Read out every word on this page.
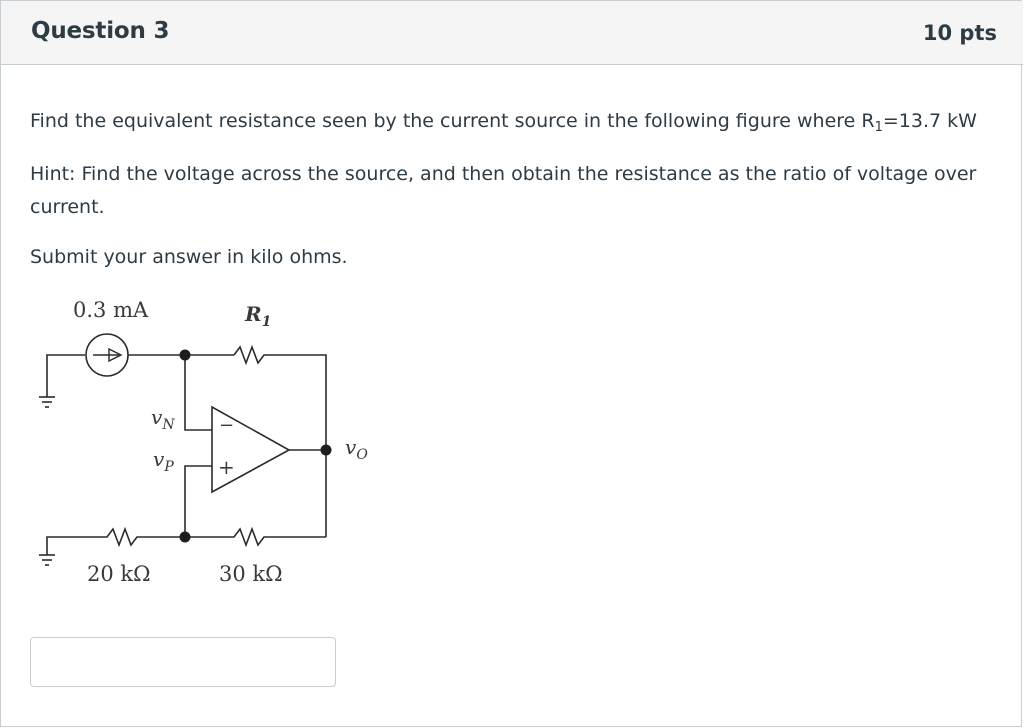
Question 3	10 pts
Find the equivalent resistance seen by the current source in the following figure where $R_1=13.7$ kW
Hint: Find the voltage across the source, and then obtain the resistance as the ratio of voltage over current.
Submit your answer in kilo ohms.
0.3 mA	$R_1$
$v_N$
$v_P$
$v_O$
−
+
20 kΩ	30 kΩ
